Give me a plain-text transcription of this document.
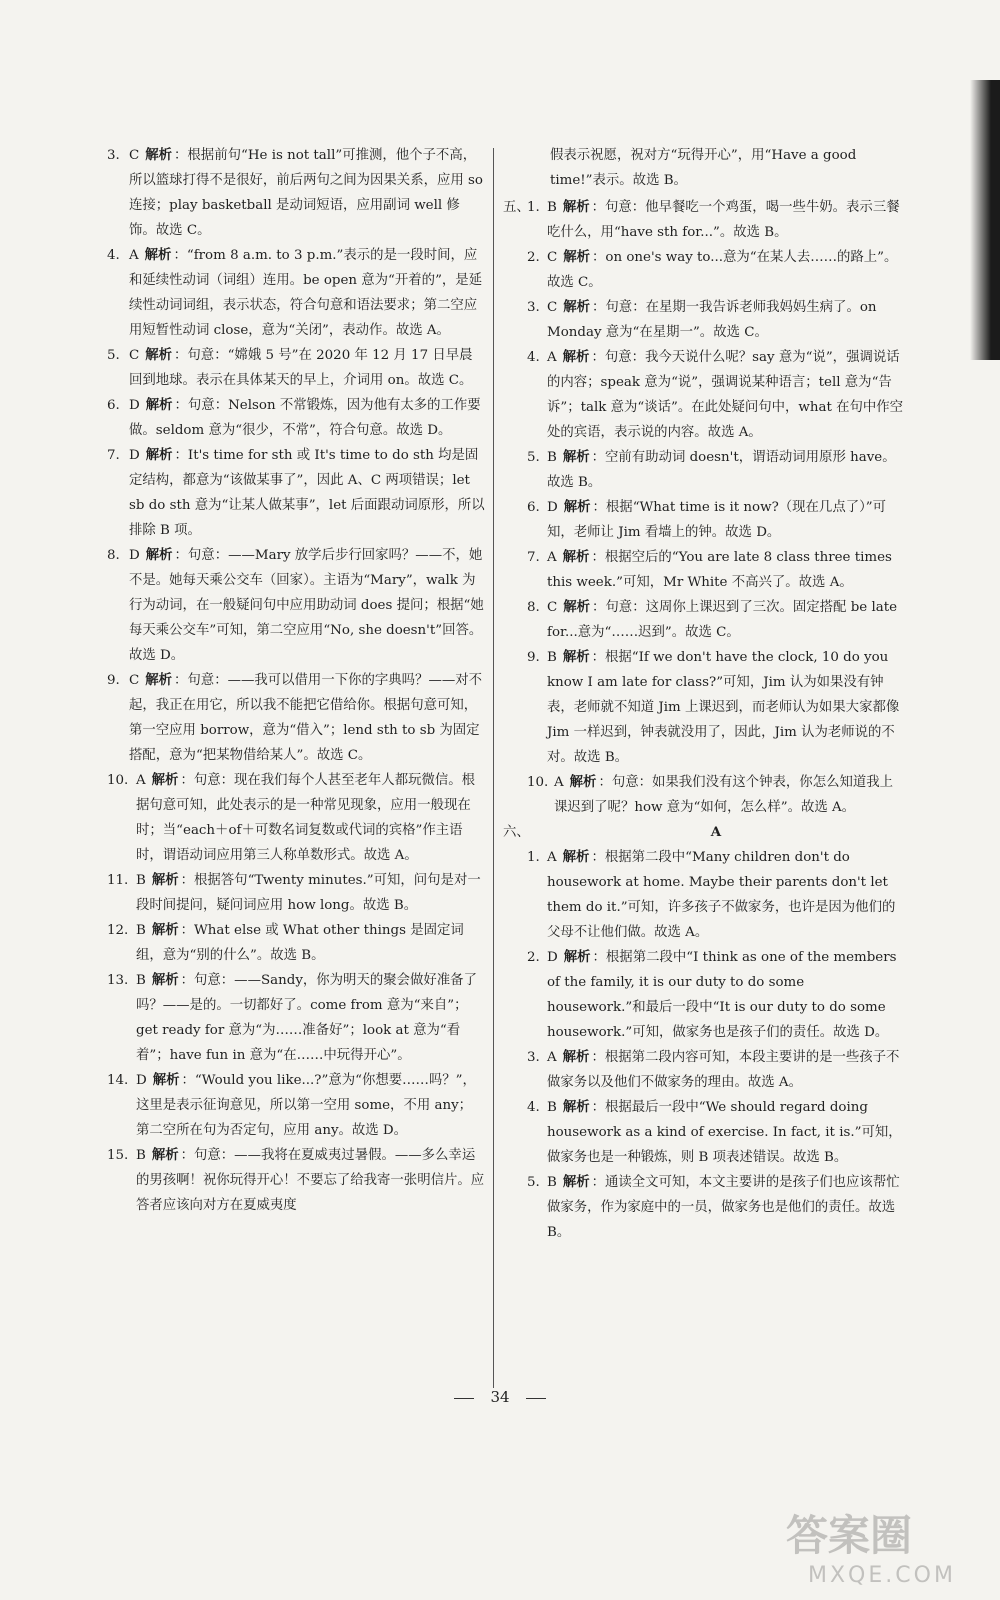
3. C 解析 ：根据前句“He is not tall”可推测，他个子不高，所以篮球打得不是很好，前后两句之间为因果关系，应用 so 连接；play basketball 是动词短语，应用副词 well 修饰。故选 C。

4. A 解析 ：“from 8 a.m. to 3 p.m.”表示的是一段时间，应和延续性动词（词组）连用。be open 意为“开着的”，是延续性动词词组，表示状态，符合句意和语法要求；第二空应用短暂性动词 close，意为“关闭”，表动作。故选 A。

5. C 解析 ：句意：“嫦娥 5 号”在 2020 年 12 月 17 日早晨回到地球。表示在具体某天的早上，介词用 on。故选 C。

6. D 解析 ：句意：Nelson 不常锻炼，因为他有太多的工作要做。seldom 意为“很少，不常”，符合句意。故选 D。

7. D 解析 ：It's time for sth 或 It's time to do sth 均是固定结构，都意为“该做某事了”，因此 A、C 两项错误；let sb do sth 意为“让某人做某事”，let 后面跟动词原形，所以排除 B 项。

8. D 解析 ：句意：——Mary 放学后步行回家吗？——不，她不是。她每天乘公交车（回家）。主语为“Mary”，walk 为行为动词，在一般疑问句中应用助动词 does 提问；根据“她每天乘公交车”可知，第二空应用“No, she doesn't”回答。故选 D。

9. C 解析 ：句意：——我可以借用一下你的字典吗？——对不起，我正在用它，所以我不能把它借给你。根据句意可知，第一空应用 borrow，意为“借入”；lend sth to sb 为固定搭配，意为“把某物借给某人”。故选 C。

10. A 解析 ：句意：现在我们每个人甚至老年人都玩微信。根据句意可知，此处表示的是一种常见现象，应用一般现在时；当“each＋of＋可数名词复数或代词的宾格”作主语时，谓语动词应用第三人称单数形式。故选 A。

11. B 解析 ：根据答句“Twenty minutes.”可知，问句是对一段时间提问，疑问词应用 how long。故选 B。

12. B 解析 ：What else 或 What other things 是固定词组，意为“别的什么”。故选 B。

13. B 解析 ：句意：——Sandy，你为明天的聚会做好准备了吗？——是的。一切都好了。come from 意为“来自”；get ready for 意为“为……准备好”；look at 意为“看着”；have fun in 意为“在……中玩得开心”。

14. D 解析 ：“Would you like...?”意为“你想要……吗？”，这里是表示征询意见，所以第一空用 some，不用 any；第二空所在句为否定句，应用 any。故选 D。

15. B 解析 ：句意：——我将在夏威夷过暑假。——多么幸运的男孩啊！祝你玩得开心！不要忘了给我寄一张明信片。应答者应该向对方在夏威夷度

假表示祝愿，祝对方“玩得开心”，用“Have a good time!”表示。故选 B。

五、

1. B 解析 ：句意：他早餐吃一个鸡蛋，喝一些牛奶。表示三餐吃什么，用“have sth for...”。故选 B。

2. C 解析 ：on one's way to...意为“在某人去……的路上”。故选 C。

3. C 解析 ：句意：在星期一我告诉老师我妈妈生病了。on Monday 意为“在星期一”。故选 C。

4. A 解析 ：句意：我今天说什么呢？say 意为“说”，强调说话的内容；speak 意为“说”，强调说某种语言；tell 意为“告诉”；talk 意为“谈话”。在此处疑问句中，what 在句中作空处的宾语，表示说的内容。故选 A。

5. B 解析 ：空前有助动词 doesn't，谓语动词用原形 have。故选 B。

6. D 解析 ：根据“What time is it now?（现在几点了）”可知，老师让 Jim 看墙上的钟。故选 D。

7. A 解析 ：根据空后的“You are late 8 class three times this week.”可知，Mr White 不高兴了。故选 A。

8. C 解析 ：句意：这周你上课迟到了三次。固定搭配 be late for...意为“……迟到”。故选 C。

9. B 解析 ：根据“If we don't have the clock, 10 do you know I am late for class?”可知，Jim 认为如果没有钟表，老师就不知道 Jim 上课迟到，而老师认为如果大家都像 Jim 一样迟到，钟表就没用了，因此，Jim 认为老师说的不对。故选 B。

10. A 解析 ：句意：如果我们没有这个钟表，你怎么知道我上课迟到了呢？how 意为“如何，怎么样”。故选 A。

六、	A

1. A 解析 ：根据第二段中“Many children don't do housework at home. Maybe their parents don't let them do it.”可知，许多孩子不做家务，也许是因为他们的父母不让他们做。故选 A。

2. D 解析 ：根据第二段中“I think as one of the members of the family, it is our duty to do some housework.”和最后一段中“It is our duty to do some housework.”可知，做家务也是孩子们的责任。故选 D。

3. A 解析 ：根据第二段内容可知，本段主要讲的是一些孩子不做家务以及他们不做家务的理由。故选 A。

4. B 解析 ：根据最后一段中“We should regard doing housework as a kind of exercise. In fact, it is.”可知，做家务也是一种锻炼，则 B 项表述错误。故选 B。

5. B 解析 ：通读全文可知，本文主要讲的是孩子们也应该帮忙做家务，作为家庭中的一员，做家务也是他们的责任。故选 B。

34
答案圈
MXQE.COM
